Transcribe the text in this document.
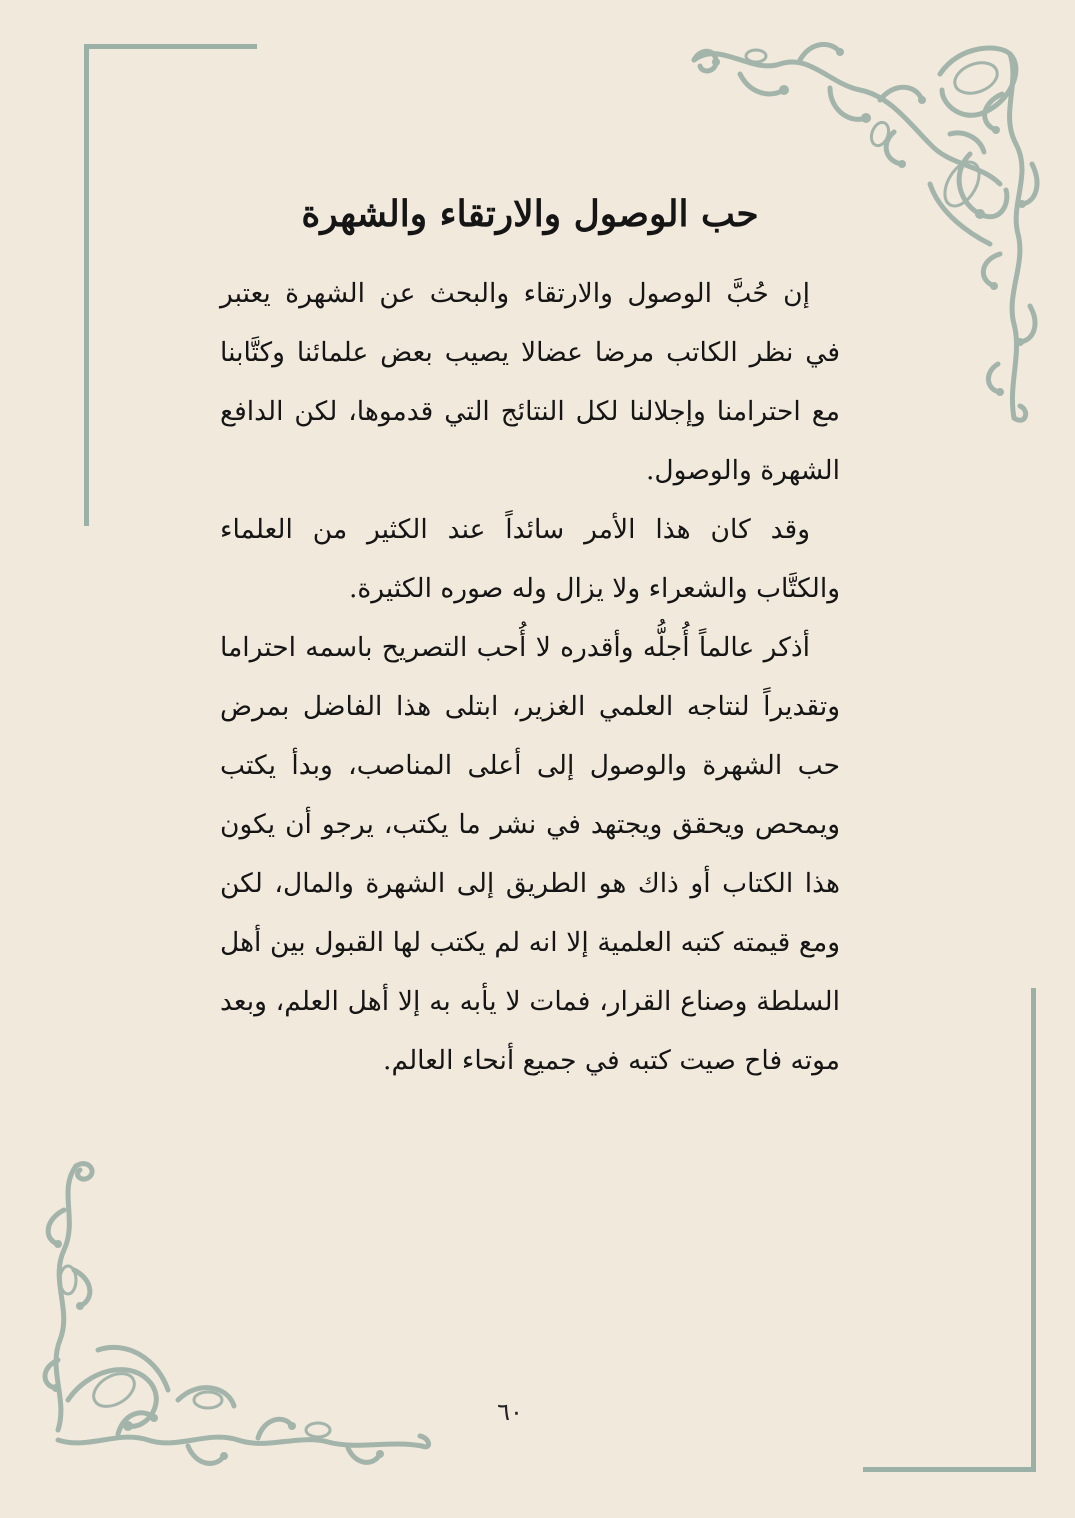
حب الوصول والارتقاء والشهرة

إن حُبَّ الوصول والارتقاء والبحث عن الشهرة يعتبر في نظر الكاتب مرضا عضالا يصيب بعض علمائنا وكتَّابنا مع احترامنا وإجلالنا لكل النتائج التي قدموها، لكن الدافع الشهرة والوصول.

وقد كان هذا الأمر سائداً عند الكثير من العلماء والكتَّاب والشعراء ولا يزال وله صوره الكثيرة.

أذكر عالماً أُجلُّه وأقدره لا أُحب التصريح باسمه احتراما وتقديراً لنتاجه العلمي الغزير، ابتلى هذا الفاضل بمرض حب الشهرة والوصول إلى أعلى المناصب، وبدأ يكتب ويمحص ويحقق ويجتهد في نشر ما يكتب، يرجو أن يكون هذا الكتاب أو ذاك هو الطريق إلى الشهرة والمال، لكن ومع قيمته كتبه العلمية إلا انه لم يكتب لها القبول بين أهل السلطة وصناع القرار، فمات لا يأبه به إلا أهل العلم، وبعد موته فاح صيت كتبه في جميع أنحاء العالم.

٦٠
